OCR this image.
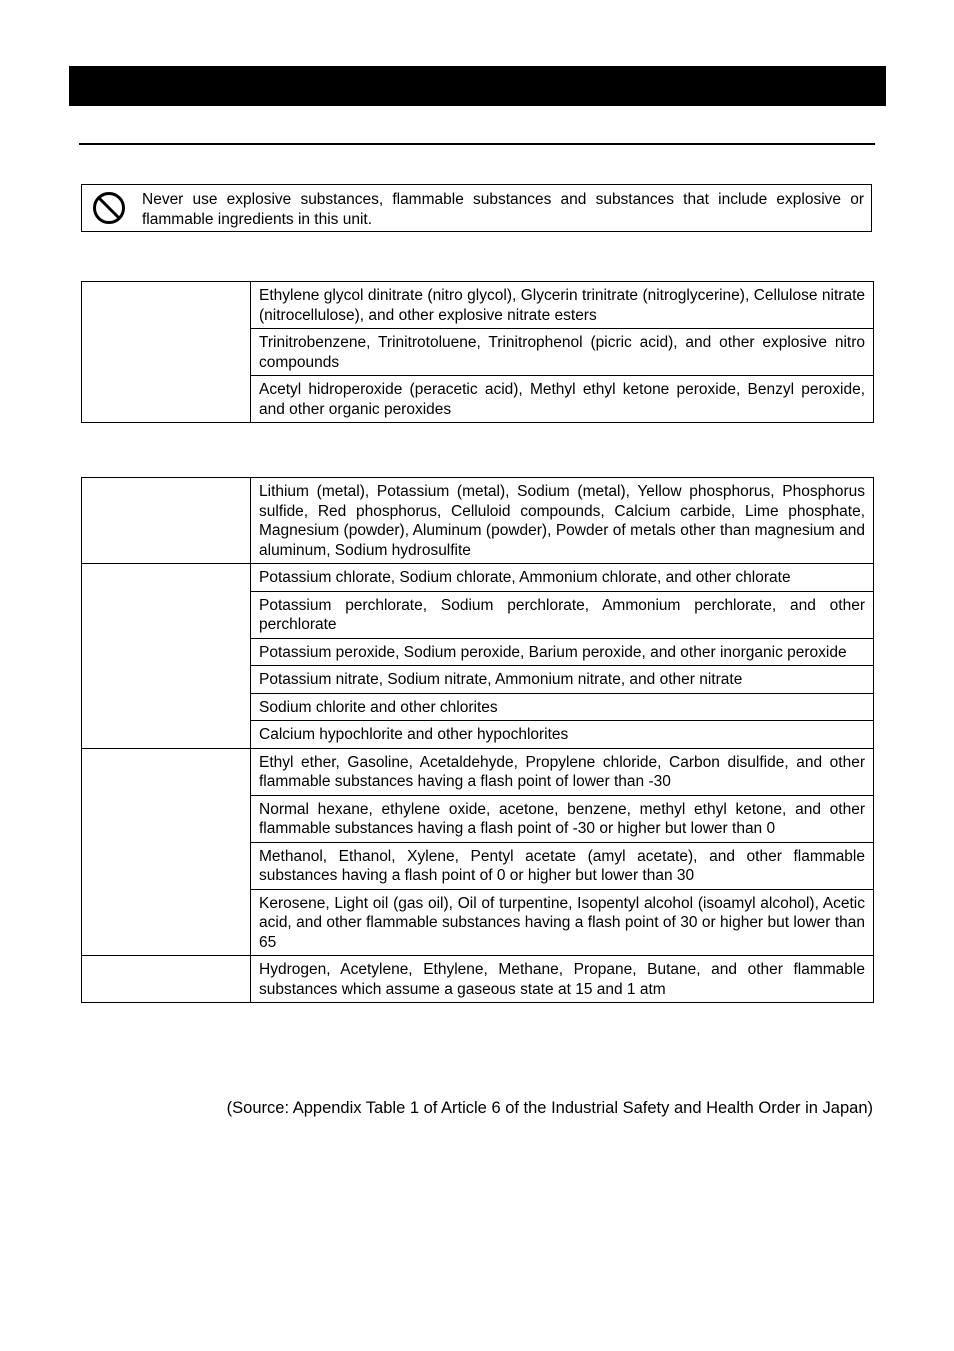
Never use explosive substances, flammable substances and substances that include explosive or flammable ingredients in this unit.
	Ethylene glycol dinitrate (nitro glycol), Glycerin trinitrate (nitroglycerine), Cellulose nitrate (nitrocellulose), and other explosive nitrate esters
Trinitrobenzene, Trinitrotoluene, Trinitrophenol (picric acid), and other explosive nitro compounds
Acetyl hidroperoxide (peracetic acid), Methyl ethyl ketone peroxide, Benzyl peroxide, and other organic peroxides
	Lithium (metal), Potassium (metal), Sodium (metal), Yellow phosphorus, Phosphorus sulfide, Red phosphorus, Celluloid compounds, Calcium carbide, Lime phosphate, Magnesium (powder), Aluminum (powder), Powder of metals other than magnesium and aluminum, Sodium hydrosulfite
	Potassium chlorate, Sodium chlorate, Ammonium chlorate, and other chlorate
	Potassium perchlorate, Sodium perchlorate, Ammonium perchlorate, and other perchlorate
	Potassium peroxide, Sodium peroxide, Barium peroxide, and other inorganic peroxide
	Potassium nitrate, Sodium nitrate, Ammonium nitrate, and other nitrate
	Sodium chlorite and other chlorites
	Calcium hypochlorite and other hypochlorites
	Ethyl ether, Gasoline, Acetaldehyde, Propylene chloride, Carbon disulfide, and other flammable substances having a flash point of lower than -30
	Normal hexane, ethylene oxide, acetone, benzene, methyl ethyl ketone, and other flammable substances having a flash point of -30 or higher but lower than 0
	Methanol, Ethanol, Xylene, Pentyl acetate (amyl acetate), and other flammable substances having a flash point of 0 or higher but lower than 30
	Kerosene, Light oil (gas oil), Oil of turpentine, Isopentyl alcohol (isoamyl alcohol), Acetic acid, and other flammable substances having a flash point of 30 or higher but lower than 65
	Hydrogen, Acetylene, Ethylene, Methane, Propane, Butane, and other flammable substances which assume a gaseous state at 15 and 1 atm
(Source: Appendix Table 1 of Article 6 of the Industrial Safety and Health Order in Japan)
